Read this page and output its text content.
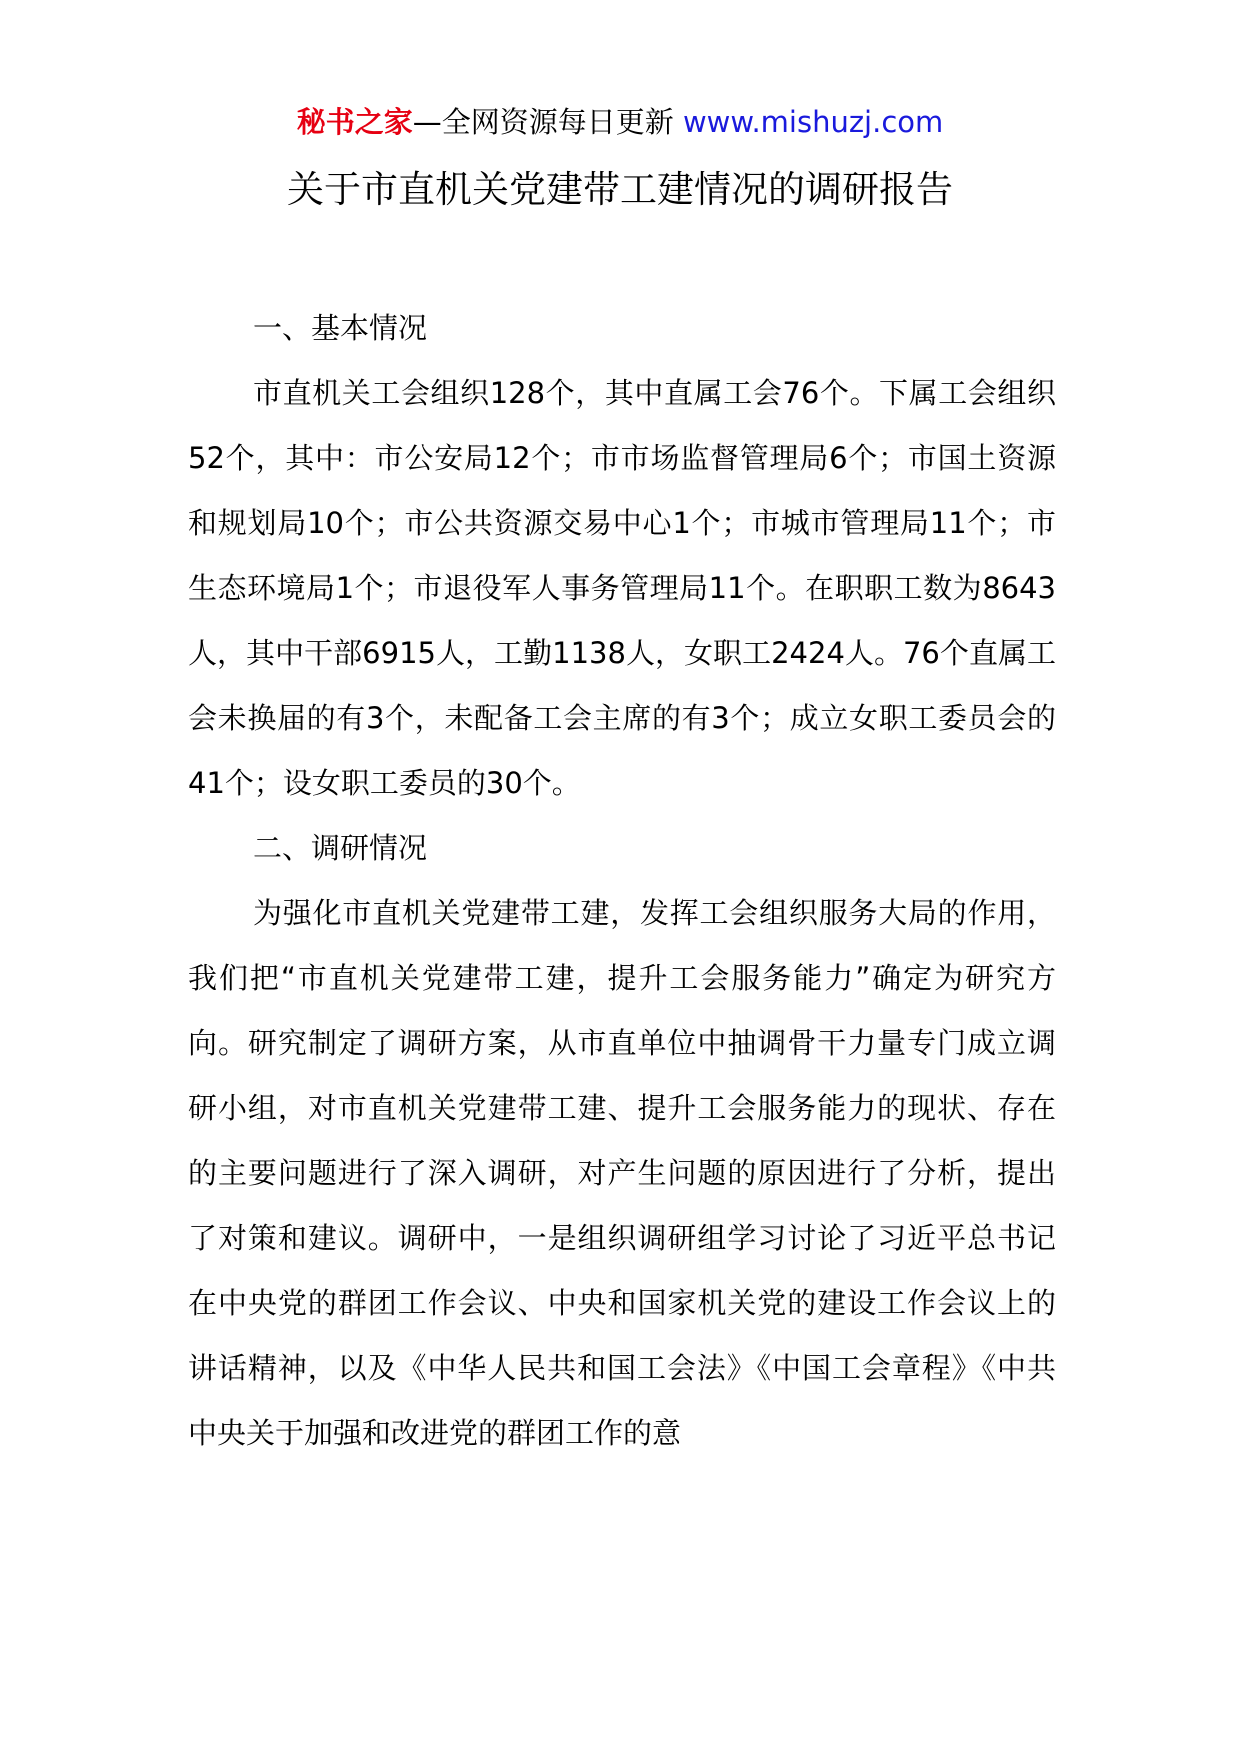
秘书之家—全网资源每日更新 www.mishuzj.com
关于市直机关党建带工建情况的调研报告

一、基本情况

市直机关工会组织128个，其中直属工会76个。下属工会组织52个，其中：市公安局12个；市市场监督管理局6个；市国土资源和规划局10个；市公共资源交易中心1个；市城市管理局11个；市生态环境局1个；市退役军人事务管理局11个。在职职工数为8643人，其中干部6915人，工勤1138人，女职工2424人。76个直属工会未换届的有3个，未配备工会主席的有3个；成立女职工委员会的41个；设女职工委员的30个。

二、调研情况

为强化市直机关党建带工建，发挥工会组织服务大局的作用，我们把“市直机关党建带工建，提升工会服务能力”确定为研究方向。研究制定了调研方案，从市直单位中抽调骨干力量专门成立调研小组，对市直机关党建带工建、提升工会服务能力的现状、存在的主要问题进行了深入调研，对产生问题的原因进行了分析，提出了对策和建议。调研中，一是组织调研组学习讨论了习近平总书记在中央党的群团工作会议、中央和国家机关党的建设工作会议上的讲话精神，以及《中华人民共和国工会法》《中国工会章程》《中共中央关于加强和改进党的群团工作的意
